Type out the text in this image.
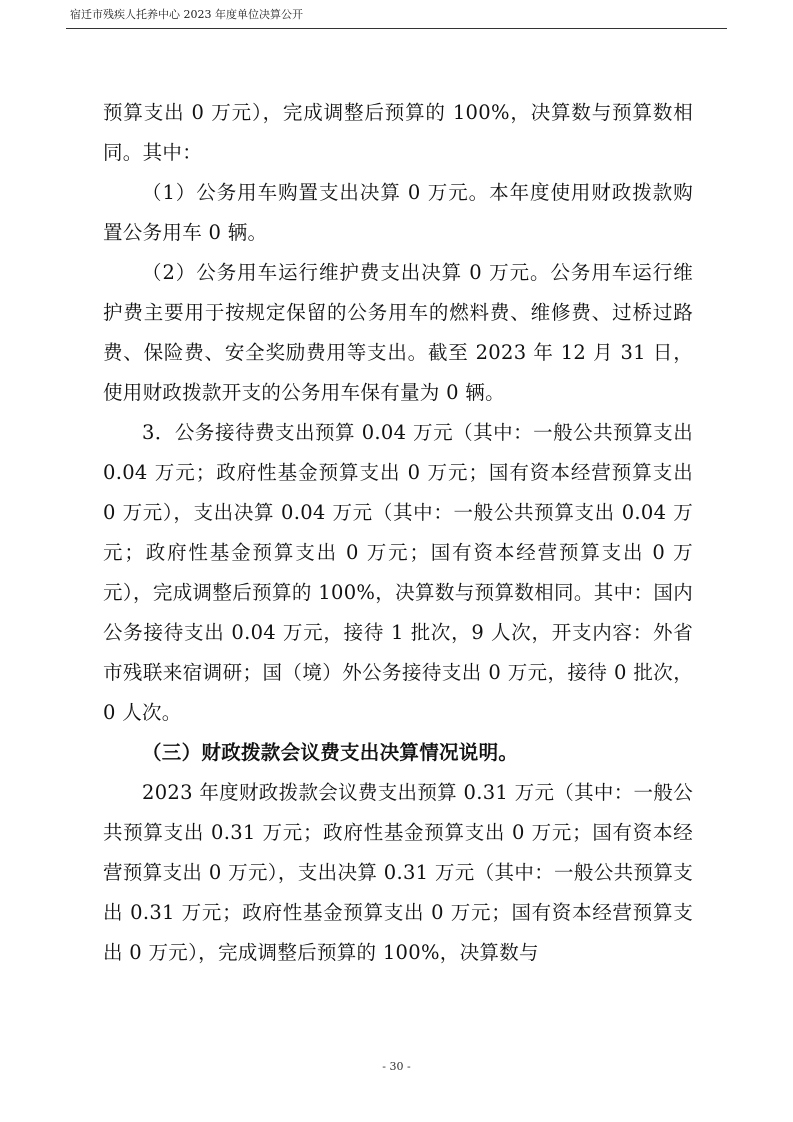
宿迁市残疾人托养中心 2023 年度单位决算公开

预算支出 0 万元），完成调整后预算的 100%，决算数与预算数相同。其中：

（1）公务用车购置支出决算 0 万元。本年度使用财政拨款购置公务用车 0 辆。

（2）公务用车运行维护费支出决算 0 万元。公务用车运行维护费主要用于按规定保留的公务用车的燃料费、维修费、过桥过路费、保险费、安全奖励费用等支出。截至 2023 年 12 月 31 日，使用财政拨款开支的公务用车保有量为 0 辆。

3．公务接待费支出预算 0.04 万元（其中：一般公共预算支出 0.04 万元；政府性基金预算支出 0 万元；国有资本经营预算支出 0 万元），支出决算 0.04 万元（其中：一般公共预算支出 0.04 万元；政府性基金预算支出 0 万元；国有资本经营预算支出 0 万元），完成调整后预算的 100%，决算数与预算数相同。其中：国内公务接待支出 0.04 万元，接待 1 批次，9 人次，开支内容：外省市残联来宿调研；国（境）外公务接待支出 0 万元，接待 0 批次，0 人次。

（三）财政拨款会议费支出决算情况说明。

2023 年度财政拨款会议费支出预算 0.31 万元（其中：一般公共预算支出 0.31 万元；政府性基金预算支出 0 万元；国有资本经营预算支出 0 万元），支出决算 0.31 万元（其中：一般公共预算支出 0.31 万元；政府性基金预算支出 0 万元；国有资本经营预算支出 0 万元），完成调整后预算的 100%，决算数与

- 30 -
